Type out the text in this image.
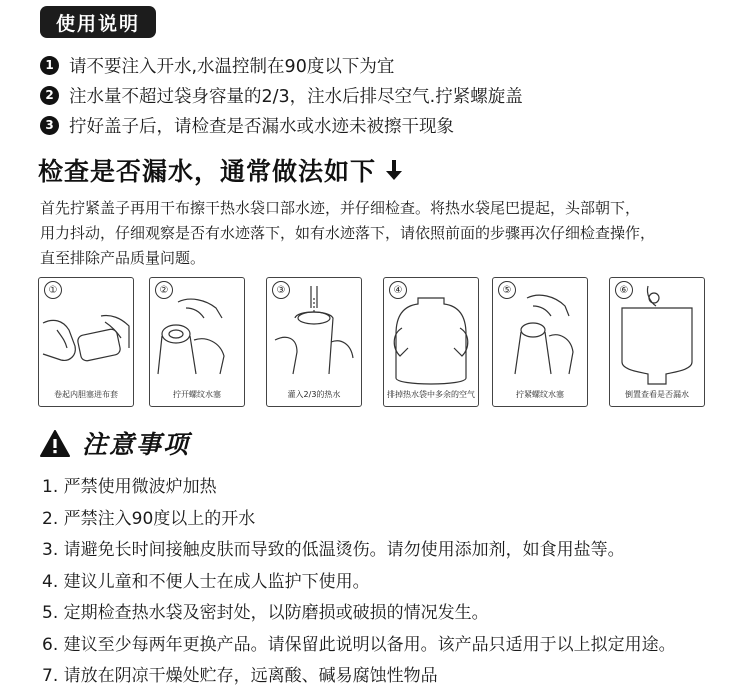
使用说明
1 请不要注入开水,水温控制在90度以下为宜
2 注水量不超过袋身容量的2/3，注水后排尽空气.拧紧螺旋盖
3 拧好盖子后，请检查是否漏水或水迹未被擦干现象
检查是否漏水，通常做法如下

首先拧紧盖子再用干布擦干热水袋口部水迹，并仔细检查。将热水袋尾巴提起，头部朝下，

用力抖动，仔细观察是否有水迹落下，如有水迹落下，请依照前面的步骤再次仔细检查操作，

直至排除产品质量问题。

①
卷起内胆塞进布套
②
拧开螺纹水塞
③
灌入2/3的热水
④
排掉热水袋中多余的空气
⑤
拧紧螺纹水塞
⑥
倒置查看是否漏水
注意事项
1. 严禁使用微波炉加热
2. 严禁注入90度以上的开水
3. 请避免长时间接触皮肤而导致的低温烫伤。请勿使用添加剂，如食用盐等。
4. 建议儿童和不便人士在成人监护下使用。
5. 定期检查热水袋及密封处，以防磨损或破损的情况发生。
6. 建议至少每两年更换产品。请保留此说明以备用。该产品只适用于以上拟定用途。
7. 请放在阴凉干燥处贮存，远离酸、碱易腐蚀性物品
